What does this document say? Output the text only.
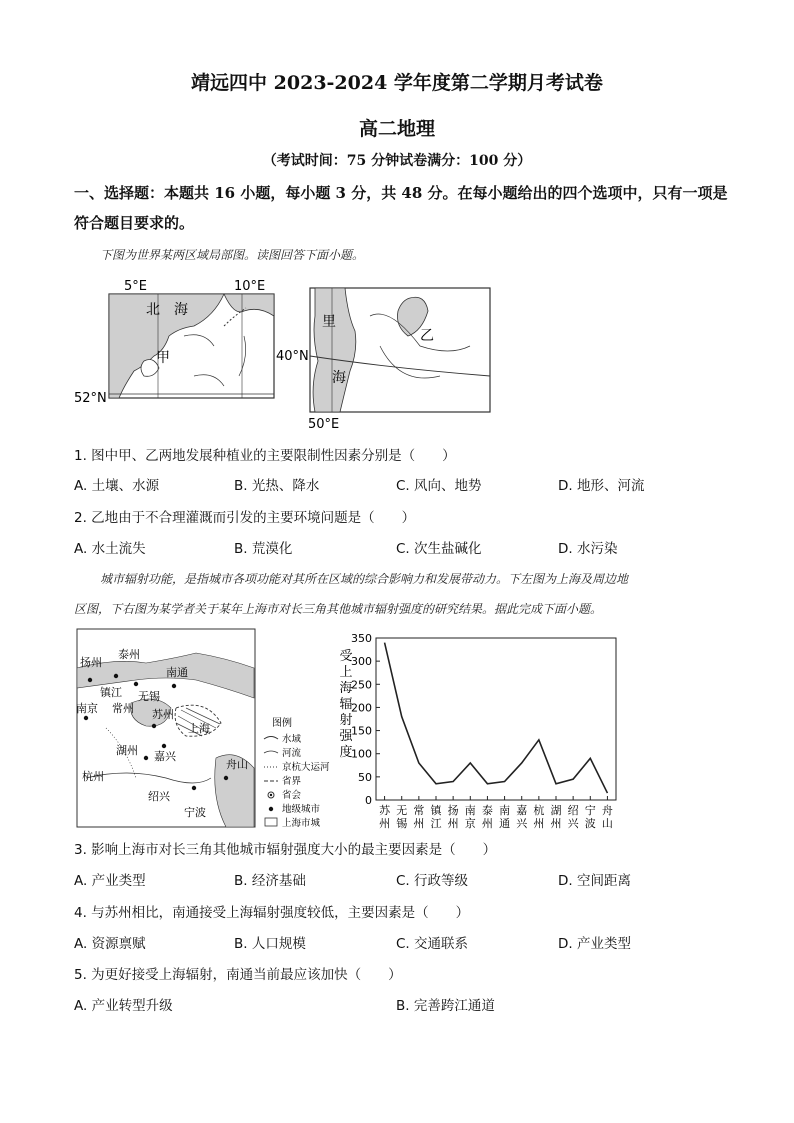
靖远四中 2023-2024 学年度第二学期月考试卷
高二地理
（考试时间：75 分钟试卷满分：100 分）
一、选择题：本题共 16 小题，每小题 3 分，共 48 分。在每小题给出的四个选项中，只有一项是符合题目要求的。
下图为世界某两区域局部图。读图回答下面小题。
5°E	10°E
52°N
北　海
甲	40°N
50°E
里
海
乙
1. 图中甲、乙两地发展种植业的主要限制性因素分别是（　　）
A. 土壤、水源	B. 光热、降水	C. 风向、地势	D. 地形、河流
2. 乙地由于不合理灌溉而引发的主要环境问题是（　　）
A. 水土流失	B. 荒漠化	C. 次生盐碱化	D. 水污染
城市辐射功能，是指城市各项功能对其所在区域的综合影响力和发展带动力。下左图为上海及周边地
区图，下右图为某学者关于某年上海市对长三角其他城市辐射强度的研究结果。据此完成下面小题。
扬州
泰州
南通
镇江
南京 常州
无锡
苏州
上海
湖州 嘉兴
杭州
绍兴
宁波
舟山
图例
水域
河流
京杭大运河
省界
省会
地级城市
上海市城
受
上
海
辐
射
强
度
0
50
100
150
200
250
300
350
苏
州
无
锡
常
州
镇
江
扬
州
南
京
泰
州
南
通
嘉
兴
杭
州
湖
州
绍
兴
宁
波
舟
山
3. 影响上海市对长三角其他城市辐射强度大小的最主要因素是（　　）
A. 产业类型	B. 经济基础	C. 行政等级	D. 空间距离
4. 与苏州相比，南通接受上海辐射强度较低，主要因素是（　　）
A. 资源禀赋	B. 人口规模	C. 交通联系	D. 产业类型
5. 为更好接受上海辐射，南通当前最应该加快（　　）
A. 产业转型升级	B. 完善跨江通道
